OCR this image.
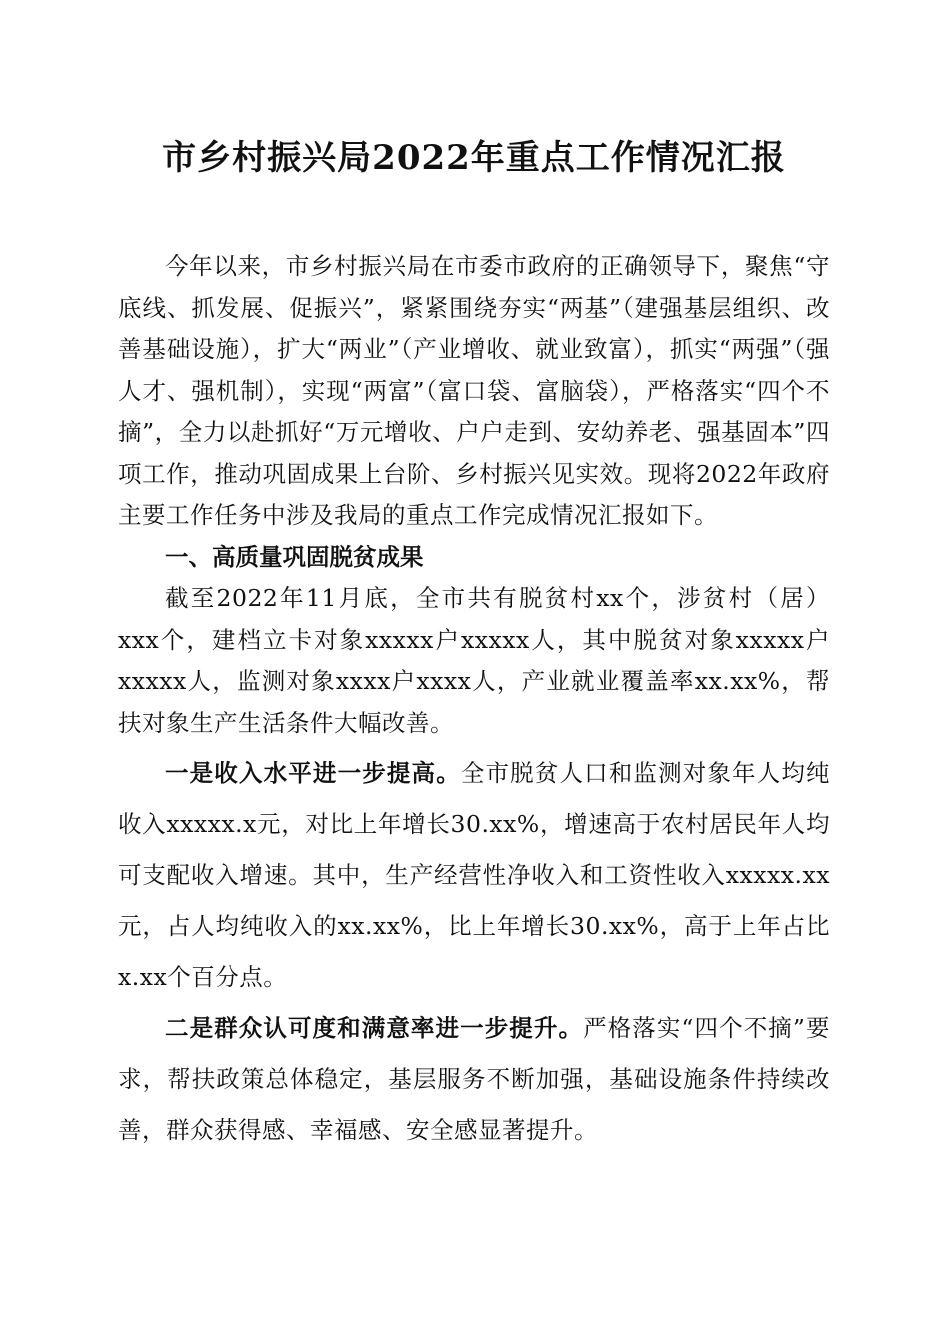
市乡村振兴局2022年重点工作情况汇报

今年以来，市乡村振兴局在市委市政府的正确领导下，聚焦“守底线、抓发展、促振兴”，紧紧围绕夯实“两基”（建强基层组织、改善基础设施），扩大“两业”（产业增收、就业致富），抓实“两强”（强人才、强机制），实现“两富”（富口袋、富脑袋），严格落实“四个不摘”，全力以赴抓好“万元增收、户户走到、安幼养老、强基固本”四项工作，推动巩固成果上台阶、乡村振兴见实效。现将2022年政府主要工作任务中涉及我局的重点工作完成情况汇报如下。

一、高质量巩固脱贫成果

截至2022年11月底，全市共有脱贫村xx个，涉贫村（居）xxx个，建档立卡对象xxxxx户xxxxx人，其中脱贫对象xxxxx户xxxxx人，监测对象xxxx户xxxx人，产业就业覆盖率xx.xx%，帮扶对象生产生活条件大幅改善。

一是收入水平进一步提高。全市脱贫人口和监测对象年人均纯收入xxxxx.x元，对比上年增长30.xx%，增速高于农村居民年人均可支配收入增速。其中，生产经营性净收入和工资性收入xxxxx.xx元，占人均纯收入的xx.xx%，比上年增长30.xx%，高于上年占比x.xx个百分点。

二是群众认可度和满意率进一步提升。严格落实“四个不摘”要求，帮扶政策总体稳定，基层服务不断加强，基础设施条件持续改善，群众获得感、幸福感、安全感显著提升。
